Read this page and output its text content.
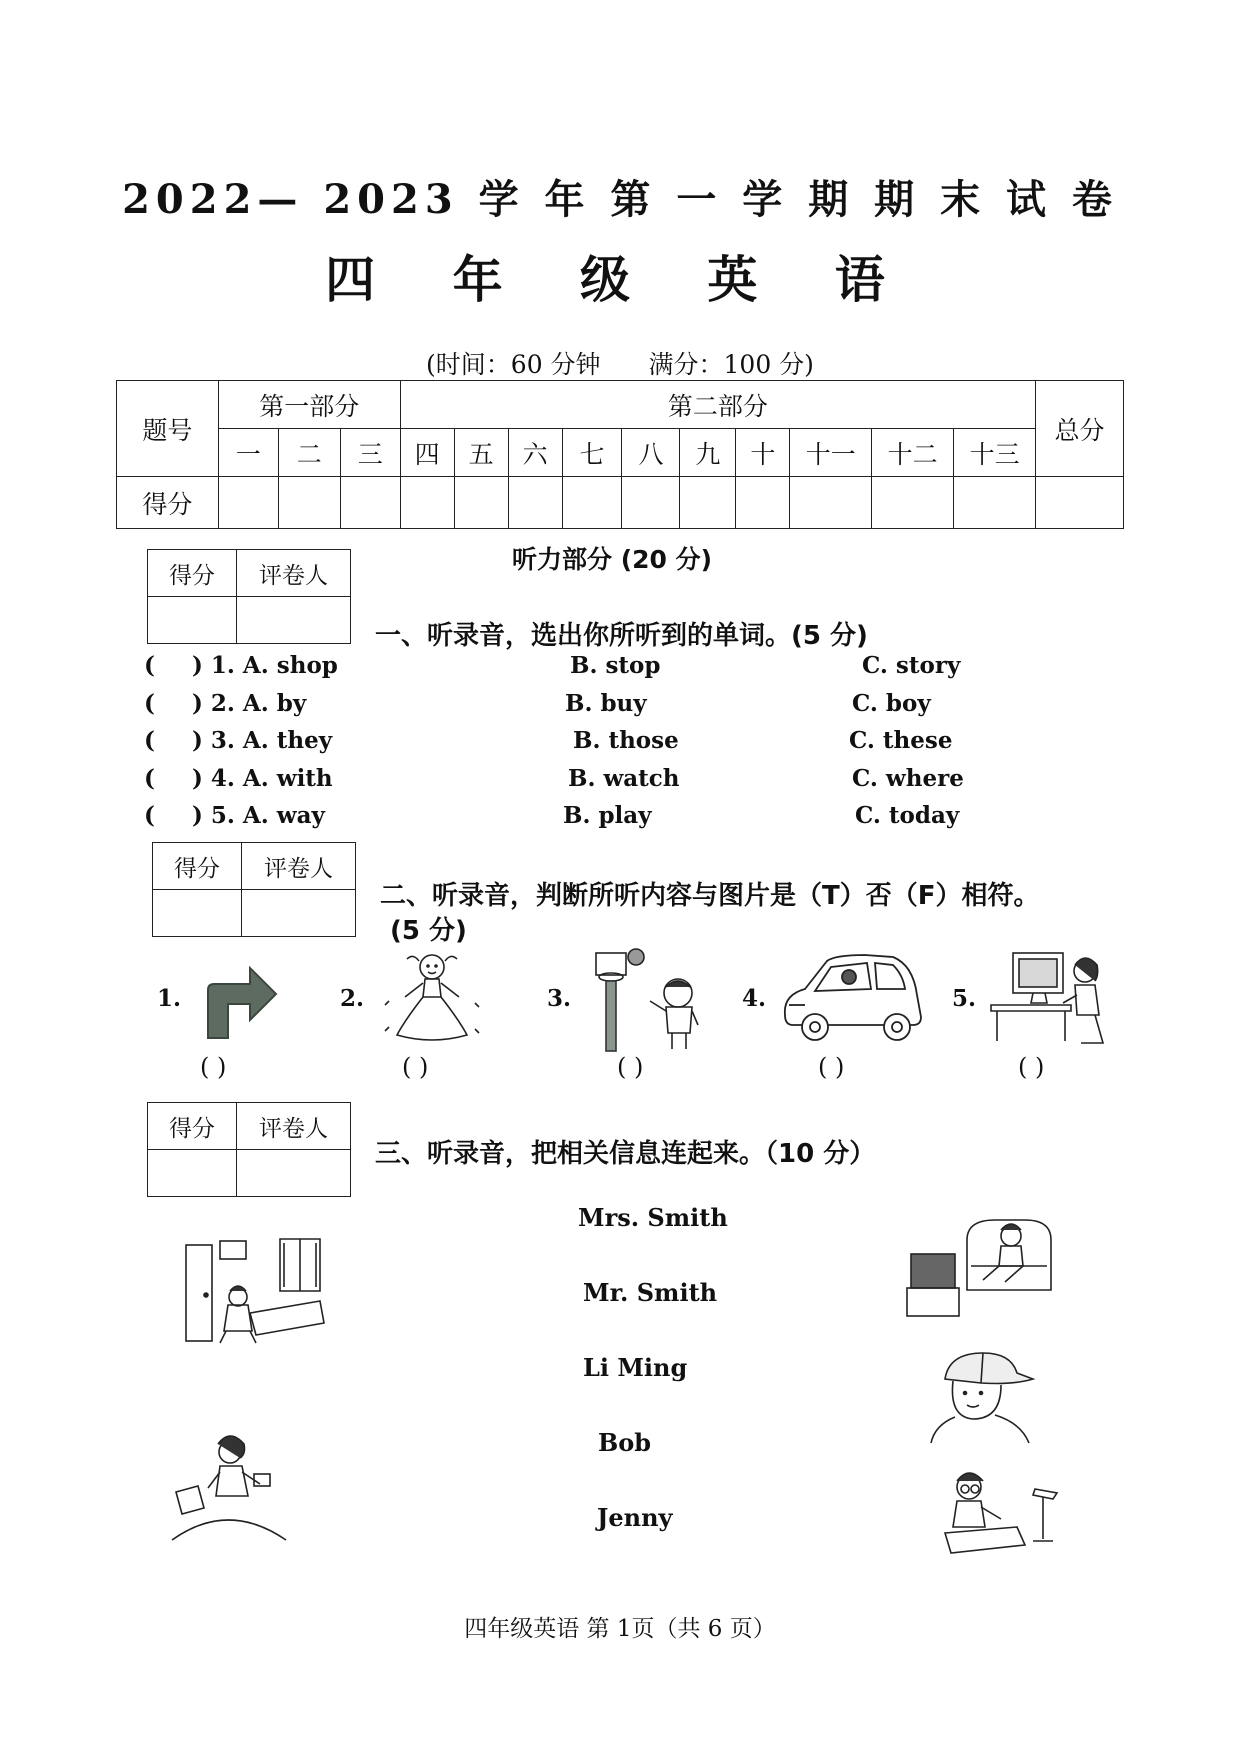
2022— 2023 学 年 第 一 学 期 期 末 试 卷
四 年 级 英 语
(时间：60 分钟 满分：100 分)
题号	第一部分			第二部分										总分
	一	二	三	四	五	六	七	八	九	十	十一	十二	十三	
得分														
听力部分 (20 分)
得分	评卷人

一、听录音，选出你所听到的单词。(5 分)
( ) 1. A. shop	B. stop	C. story
( ) 2. A. by	B. buy	C. boy
( ) 3. A. they	B. those	C. these
( ) 4. A. with	B. watch	C. where
( ) 5. A. way	B. play	C. today
得分	评卷人

二、听录音，判断所听内容与图片是（T）否（F）相符。
(5 分)
1.	2.	3.	4.	5.
( )	( )	( )	( )	( )
得分	评卷人

三、听录音，把相关信息连起来。（10 分）
Mrs. Smith
Mr. Smith
Li Ming
Bob
Jenny
四年级英语 第 1页（共 6 页）
